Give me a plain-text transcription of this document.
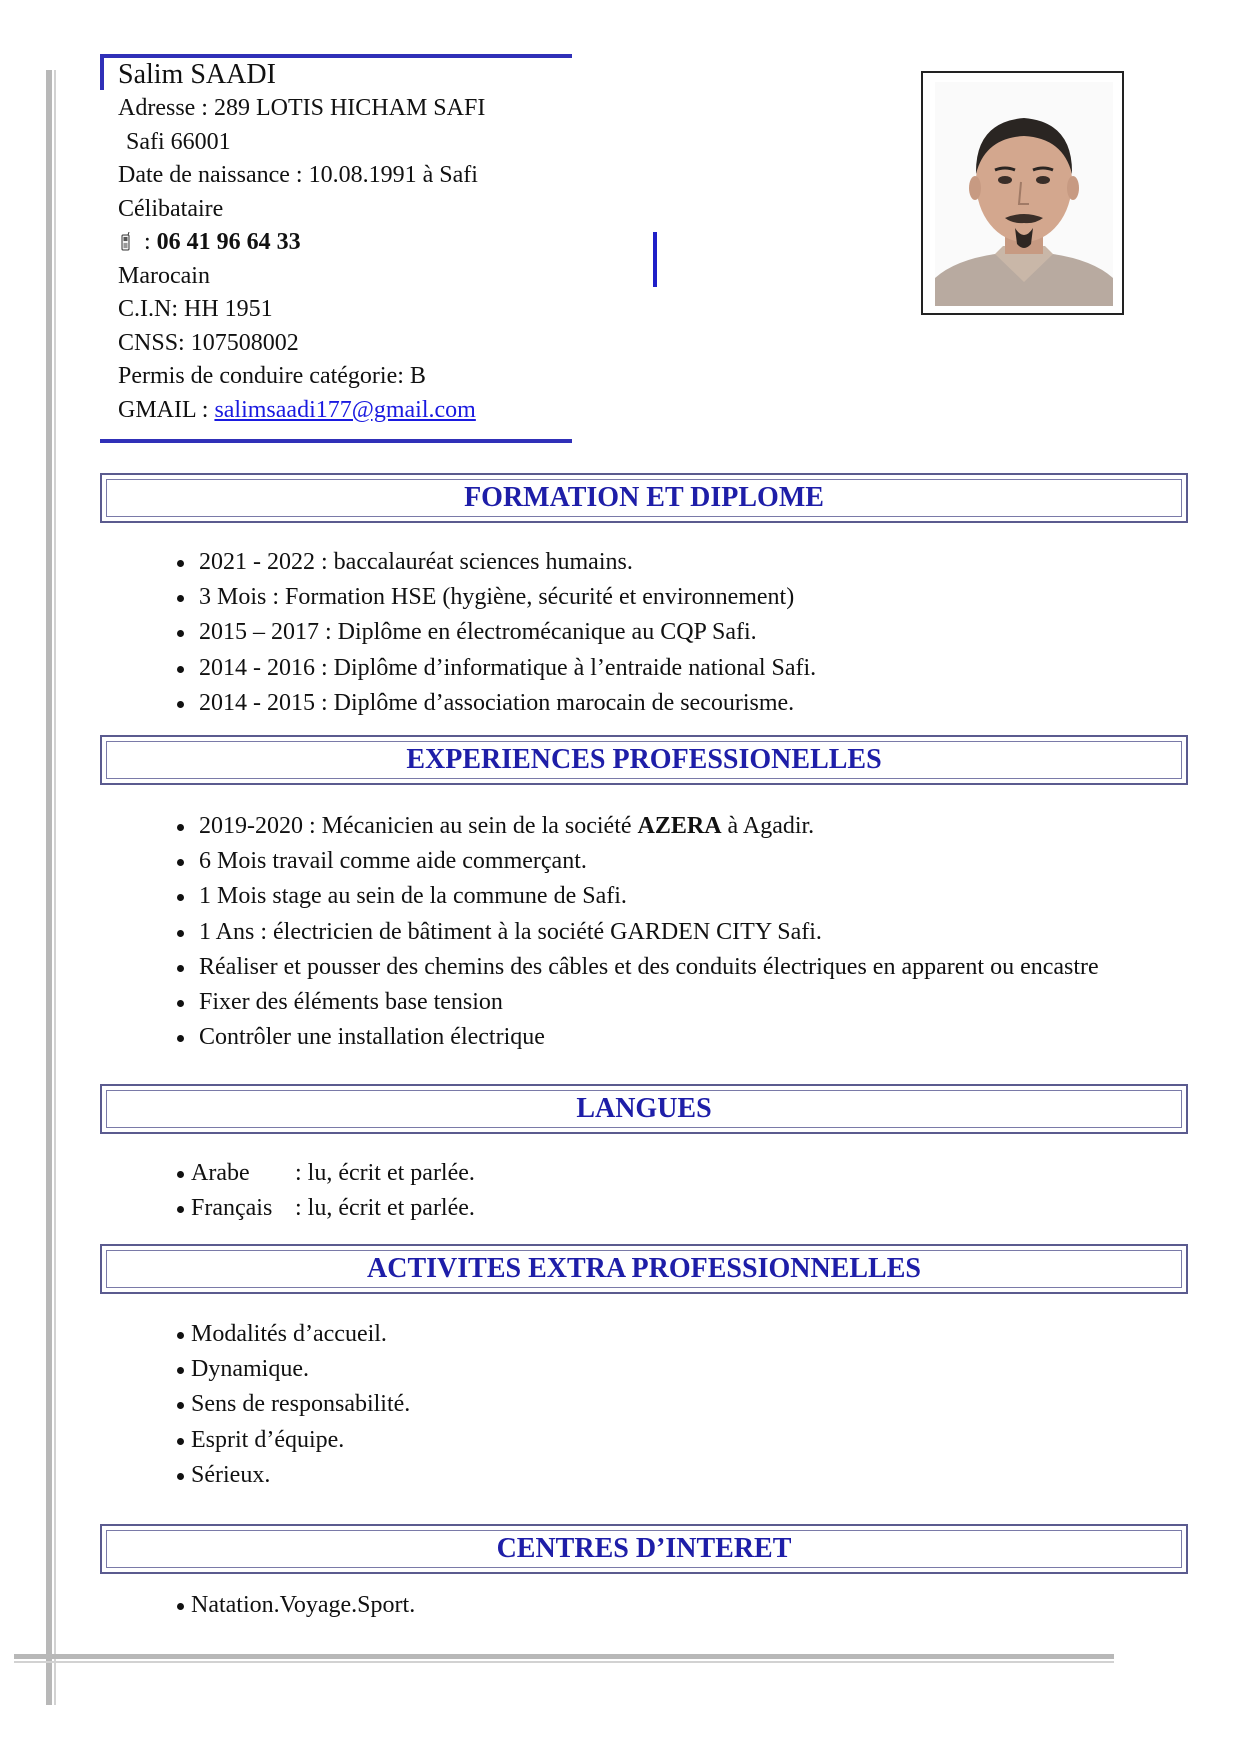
Salim SAADI
Adresse : 289 LOTIS HICHAM SAFI
Safi 66001
Date de naissance : 10.08.1991 à Safi
Célibataire
: 06 41 96 64 33
Marocain
C.I.N: HH 1951
CNSS: 107508002
Permis de conduire catégorie: B
GMAIL : salimsaadi177@gmail.com
FORMATION ET DIPLOME
2021 - 2022 : baccalauréat sciences humains.
3 Mois : Formation HSE (hygiène, sécurité et environnement)
2015 – 2017 : Diplôme en électromécanique au CQP Safi.
2014 - 2016 : Diplôme d’informatique à l’entraide national Safi.
2014 - 2015 : Diplôme d’association marocain de secourisme.
EXPERIENCES PROFESSIONELLES
2019-2020 : Mécanicien au sein de la société AZERA à Agadir.
6 Mois travail comme aide commerçant.
1 Mois stage au sein de la commune de Safi.
1 Ans : électricien de bâtiment à la société GARDEN CITY Safi.
Réaliser et pousser des chemins des câbles et des conduits électriques en apparent ou encastre
Fixer des éléments base tension
Contrôler une installation électrique
LANGUES
Arabe : lu, écrit et parlée.
Français : lu, écrit et parlée.
ACTIVITES EXTRA PROFESSIONNELLES
Modalités d’accueil.
Dynamique.
Sens de responsabilité.
Esprit d’équipe.
Sérieux.
CENTRES D’INTERET
Natation.Voyage.Sport.
